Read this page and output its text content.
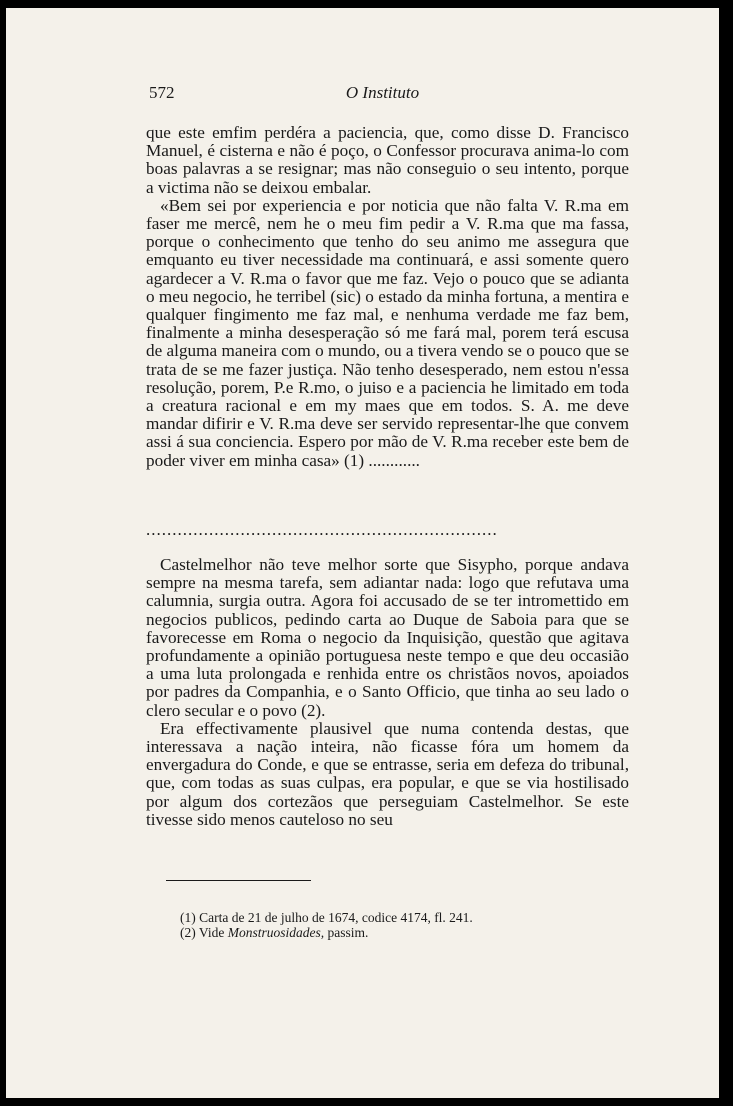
572	O Instituto

que este emfim perdéra a paciencia, que, como disse D. Francisco Manuel, é cisterna e não é poço, o Confessor procurava anima-lo com boas palavras a se resignar; mas não conseguio o seu intento, porque a victima não se deixou embalar.

«Bem sei por experiencia e por noticia que não falta V. R.ma em faser me mercê, nem he o meu fim pedir a V. R.ma que ma fassa, porque o conhecimento que tenho do seu animo me assegura que emquanto eu tiver necessidade ma continuará, e assi somente quero agardecer a V. R.ma o favor que me faz. Vejo o pouco que se adianta o meu negocio, he terribel (sic) o estado da minha fortuna, a mentira e qualquer fingimento me faz mal, e nenhuma verdade me faz bem, finalmente a minha desesperação só me fará mal, porem terá escusa de alguma maneira com o mundo, ou a tivera vendo se o pouco que se trata de se me fazer justiça. Não tenho desesperado, nem estou n'essa resolução, porem, P.e R.mo, o juiso e a paciencia he limitado em toda a creatura racional e em my maes que em todos. S. A. me deve mandar difirir e V. R.ma deve ser servido representar-lhe que convem assi á sua conciencia. Espero por mão de V. R.ma receber este bem de poder viver em minha casa» (1) ............

...................................................................

Castelmelhor não teve melhor sorte que Sisypho, porque andava sempre na mesma tarefa, sem adiantar nada: logo que refutava uma calumnia, surgia outra. Agora foi accusado de se ter intromettido em negocios publicos, pedindo carta ao Duque de Saboia para que se favorecesse em Roma o negocio da Inquisição, questão que agitava profundamente a opinião portuguesa neste tempo e que deu occasião a uma luta prolongada e renhida entre os christãos novos, apoiados por padres da Companhia, e o Santo Officio, que tinha ao seu lado o clero secular e o povo (2).

Era effectivamente plausivel que numa contenda destas, que interessava a nação inteira, não ficasse fóra um homem da envergadura do Conde, e que se entrasse, seria em defeza do tribunal, que, com todas as suas culpas, era popular, e que se via hostilisado por algum dos cortezãos que perseguiam Castelmelhor. Se este tivesse sido menos cauteloso no seu

(1) Carta de 21 de julho de 1674, codice 4174, fl. 241.

(2) Vide Monstruosidades, passim.
